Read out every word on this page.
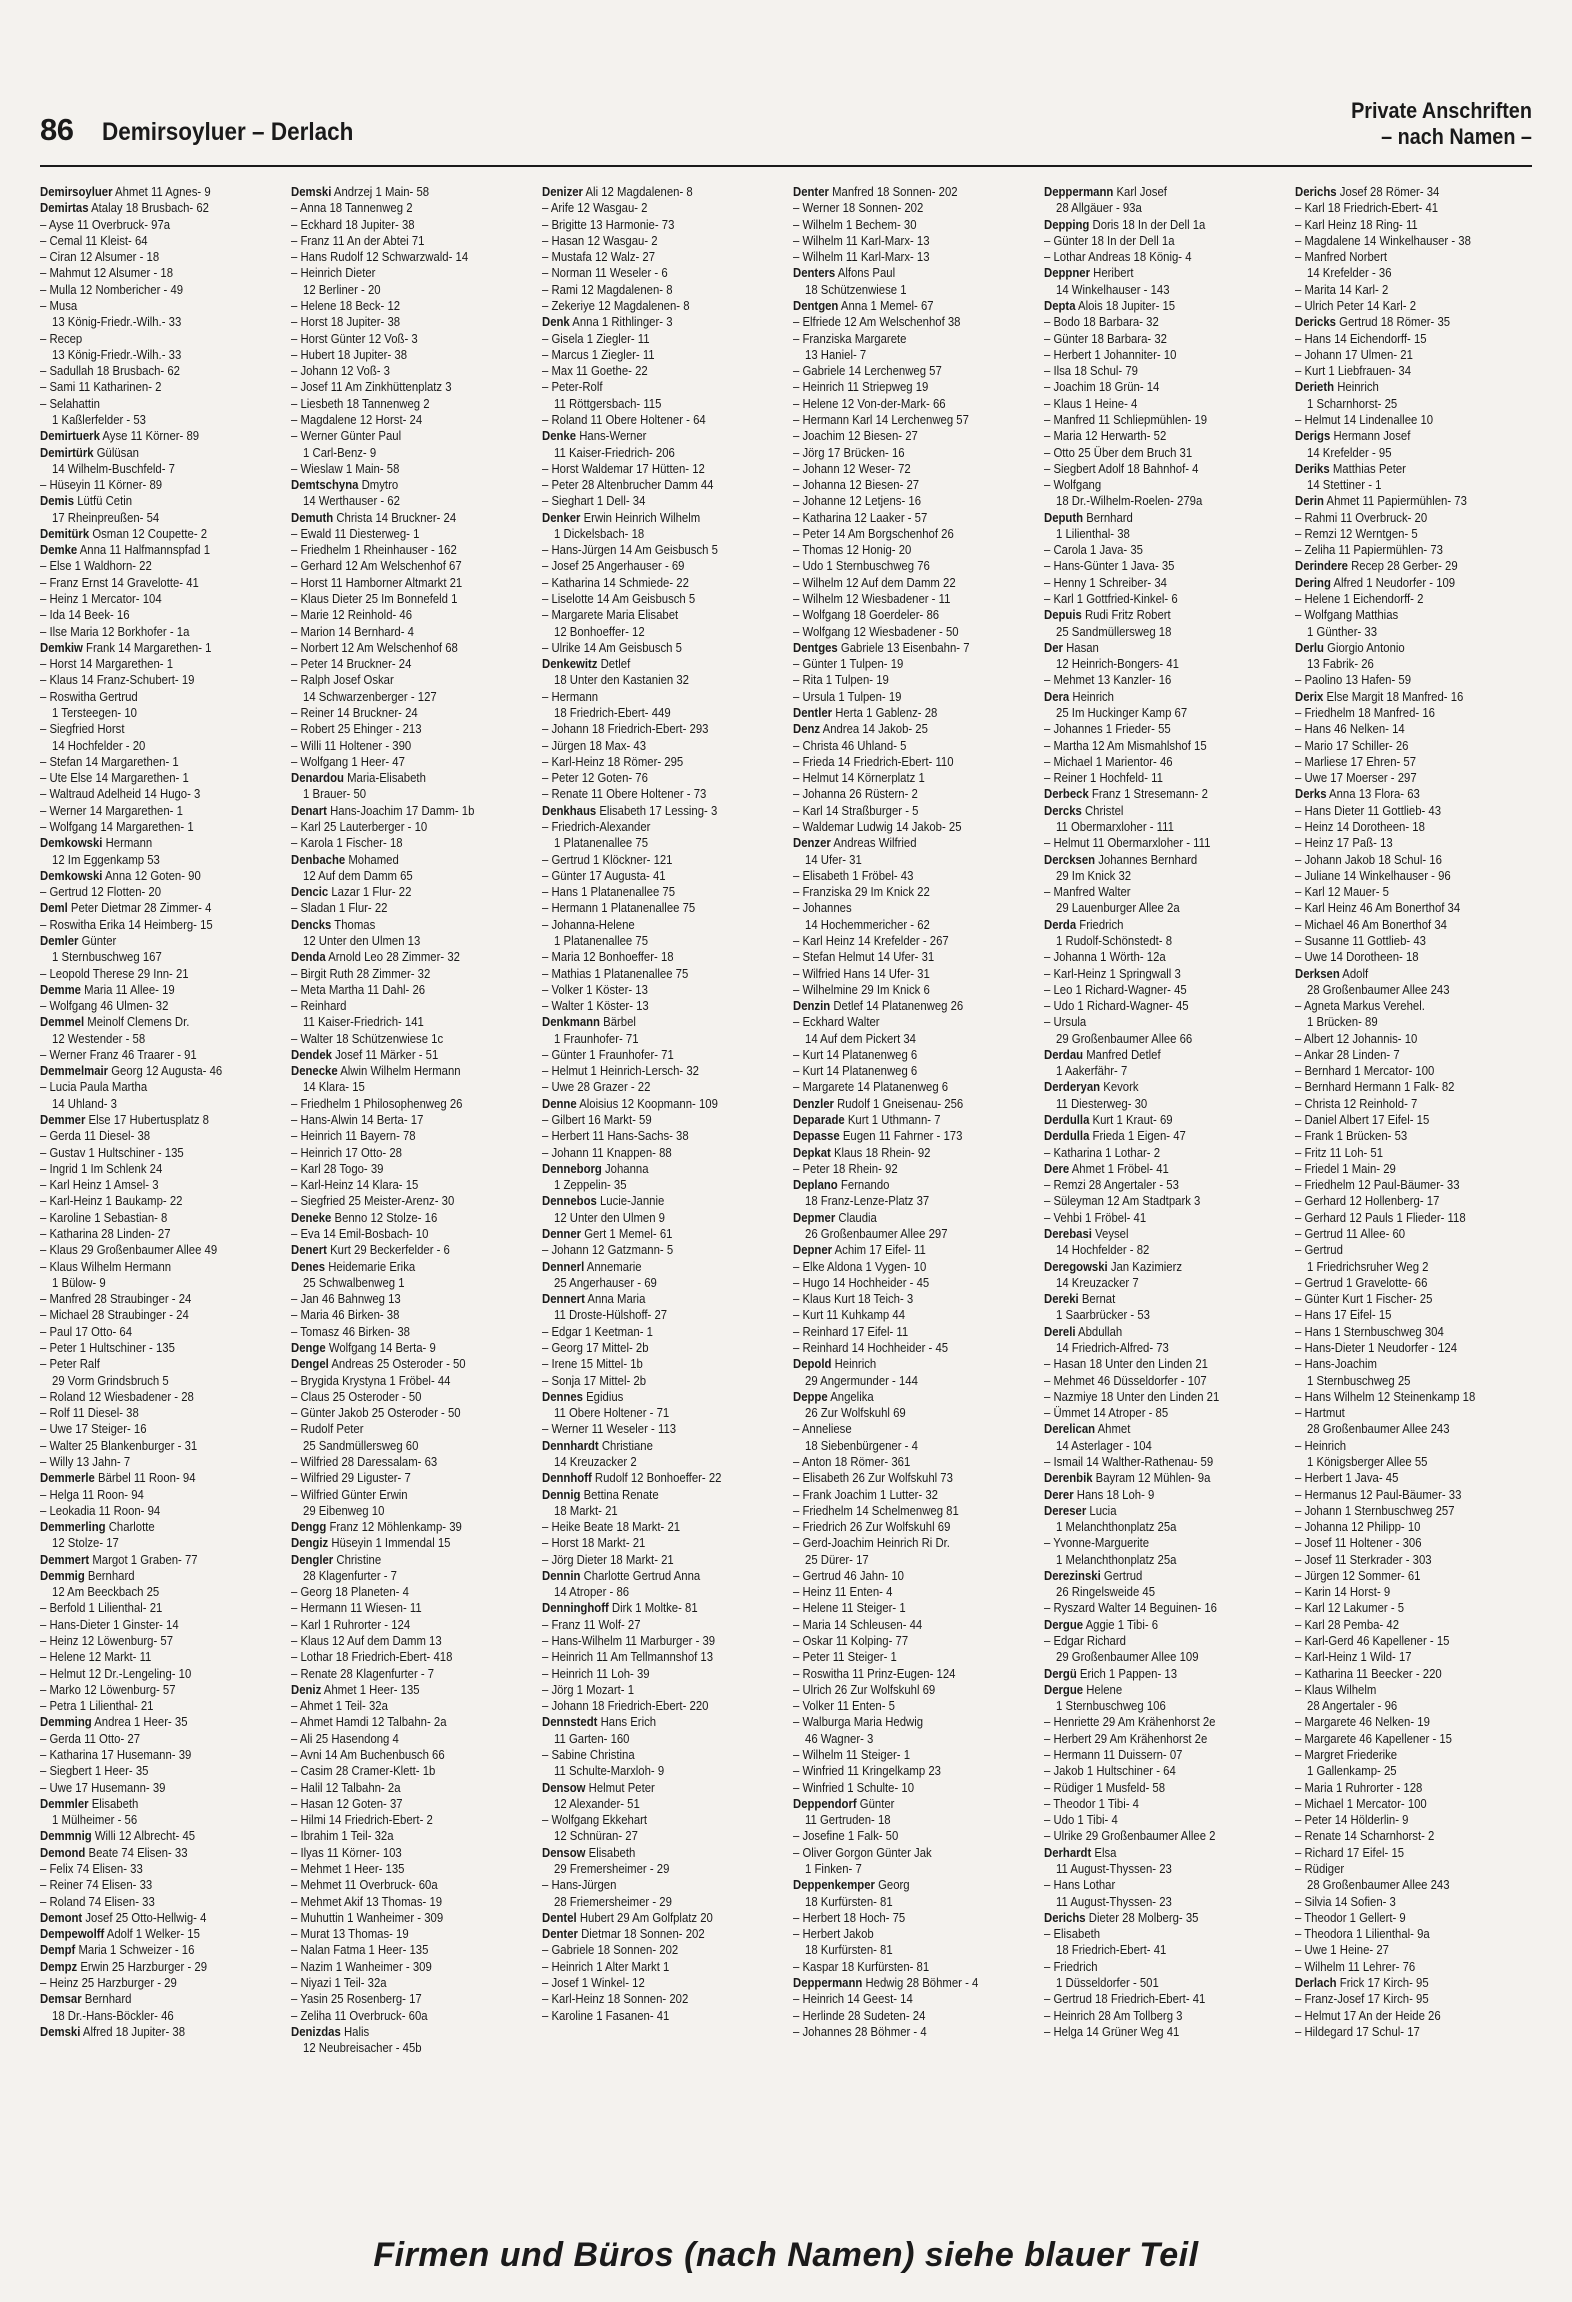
86 Demirsoyluer – Derlach
Private Anschriften
– nach Namen –
Demirsoyluer Ahmet 11 Agnes- 9
Demirtas Atalay 18 Brusbach- 62
– Ayse 11 Overbruck- 97a
– Cemal 11 Kleist- 64
– Ciran 12 Alsumer - 18
– Mahmut 12 Alsumer - 18
– Mulla 12 Nombericher - 49
– Musa
13 König-Friedr.-Wilh.- 33
– Recep
13 König-Friedr.-Wilh.- 33
– Sadullah 18 Brusbach- 62
– Sami 11 Katharinen- 2
– Selahattin
1 Kaßlerfelder - 53
Demirtuerk Ayse 11 Körner- 89
Demirtürk Gülüsan
14 Wilhelm-Buschfeld- 7
– Hüseyin 11 Körner- 89
Demis Lütfü Cetin
17 Rheinpreußen- 54
Demitürk Osman 12 Coupette- 2
Demke Anna 11 Halfmannspfad 1
– Else 1 Waldhorn- 22
– Franz Ernst 14 Gravelotte- 41
– Heinz 1 Mercator- 104
– Ida 14 Beek- 16
– Ilse Maria 12 Borkhofer - 1a
Demkiw Frank 14 Margarethen- 1
– Horst 14 Margarethen- 1
– Klaus 14 Franz-Schubert- 19
– Roswitha Gertrud
1 Tersteegen- 10
– Siegfried Horst
14 Hochfelder - 20
– Stefan 14 Margarethen- 1
– Ute Else 14 Margarethen- 1
– Waltraud Adelheid 14 Hugo- 3
– Werner 14 Margarethen- 1
– Wolfgang 14 Margarethen- 1
Demkowski Hermann
12 Im Eggenkamp 53
Demkowski Anna 12 Goten- 90
– Gertrud 12 Flotten- 20
Deml Peter Dietmar 28 Zimmer- 4
– Roswitha Erika 14 Heimberg- 15
Demler Günter
1 Sternbuschweg 167
– Leopold Therese 29 Inn- 21
Demme Maria 11 Allee- 19
– Wolfgang 46 Ulmen- 32
Demmel Meinolf Clemens Dr.
12 Westender - 58
– Werner Franz 46 Traarer - 91
Demmelmair Georg 12 Augusta- 46
– Lucia Paula Martha
14 Uhland- 3
Demmer Else 17 Hubertusplatz 8
– Gerda 11 Diesel- 38
– Gustav 1 Hultschiner - 135
– Ingrid 1 Im Schlenk 24
– Karl Heinz 1 Amsel- 3
– Karl-Heinz 1 Baukamp- 22
– Karoline 1 Sebastian- 8
– Katharina 28 Linden- 27
– Klaus 29 Großenbaumer Allee 49
– Klaus Wilhelm Hermann
1 Bülow- 9
– Manfred 28 Straubinger - 24
– Michael 28 Straubinger - 24
– Paul 17 Otto- 64
– Peter 1 Hultschiner - 135
– Peter Ralf
29 Vorm Grindsbruch 5
– Roland 12 Wiesbadener - 28
– Rolf 11 Diesel- 38
– Uwe 17 Steiger- 16
– Walter 25 Blankenburger - 31
– Willy 13 Jahn- 7
Demmerle Bärbel 11 Roon- 94
– Helga 11 Roon- 94
– Leokadia 11 Roon- 94
Demmerling Charlotte
12 Stolze- 17
Demmert Margot 1 Graben- 77
Demmig Bernhard
12 Am Beeckbach 25
– Berfold 1 Lilienthal- 21
– Hans-Dieter 1 Ginster- 14
– Heinz 12 Löwenburg- 57
– Helene 12 Markt- 11
– Helmut 12 Dr.-Lengeling- 10
– Marko 12 Löwenburg- 57
– Petra 1 Lilienthal- 21
Demming Andrea 1 Heer- 35
– Gerda 11 Otto- 27
– Katharina 17 Husemann- 39
– Siegbert 1 Heer- 35
– Uwe 17 Husemann- 39
Demmler Elisabeth
1 Mülheimer - 56
Demmnig Willi 12 Albrecht- 45
Demond Beate 74 Elisen- 33
– Felix 74 Elisen- 33
– Reiner 74 Elisen- 33
– Roland 74 Elisen- 33
Demont Josef 25 Otto-Hellwig- 4
Dempewolff Adolf 1 Welker- 15
Dempf Maria 1 Schweizer - 16
Dempz Erwin 25 Harzburger - 29
– Heinz 25 Harzburger - 29
Demsar Bernhard
18 Dr.-Hans-Böckler- 46
Demski Alfred 18 Jupiter- 38
Demski Andrzej 1 Main- 58
– Anna 18 Tannenweg 2
– Eckhard 18 Jupiter- 38
– Franz 11 An der Abtei 71
– Hans Rudolf 12 Schwarzwald- 14
– Heinrich Dieter
12 Berliner - 20
– Helene 18 Beck- 12
– Horst 18 Jupiter- 38
– Horst Günter 12 Voß- 3
– Hubert 18 Jupiter- 38
– Johann 12 Voß- 3
– Josef 11 Am Zinkhüttenplatz 3
– Liesbeth 18 Tannenweg 2
– Magdalene 12 Horst- 24
– Werner Günter Paul
1 Carl-Benz- 9
– Wieslaw 1 Main- 58
Demtschyna Dmytro
14 Werthauser - 62
Demuth Christa 14 Bruckner- 24
– Ewald 11 Diesterweg- 1
– Friedhelm 1 Rheinhauser - 162
– Gerhard 12 Am Welschenhof 67
– Horst 11 Hamborner Altmarkt 21
– Klaus Dieter 25 Im Bonnefeld 1
– Marie 12 Reinhold- 46
– Marion 14 Bernhard- 4
– Norbert 12 Am Welschenhof 68
– Peter 14 Bruckner- 24
– Ralph Josef Oskar
14 Schwarzenberger - 127
– Reiner 14 Bruckner- 24
– Robert 25 Ehinger - 213
– Willi 11 Holtener - 390
– Wolfgang 1 Heer- 47
Denardou Maria-Elisabeth
1 Brauer- 50
Denart Hans-Joachim 17 Damm- 1b
– Karl 25 Lauterberger - 10
– Karola 1 Fischer- 18
Denbache Mohamed
12 Auf dem Damm 65
Dencic Lazar 1 Flur- 22
– Sladan 1 Flur- 22
Dencks Thomas
12 Unter den Ulmen 13
Denda Arnold Leo 28 Zimmer- 32
– Birgit Ruth 28 Zimmer- 32
– Meta Martha 11 Dahl- 26
– Reinhard
11 Kaiser-Friedrich- 141
– Walter 18 Schützenwiese 1c
Dendek Josef 11 Märker - 51
Denecke Alwin Wilhelm Hermann
14 Klara- 15
– Friedhelm 1 Philosophenweg 26
– Hans-Alwin 14 Berta- 17
– Heinrich 11 Bayern- 78
– Heinrich 17 Otto- 28
– Karl 28 Togo- 39
– Karl-Heinz 14 Klara- 15
– Siegfried 25 Meister-Arenz- 30
Deneke Benno 12 Stolze- 16
– Eva 14 Emil-Bosbach- 10
Denert Kurt 29 Beckerfelder - 6
Denes Heidemarie Erika
25 Schwalbenweg 1
– Jan 46 Bahnweg 13
– Maria 46 Birken- 38
– Tomasz 46 Birken- 38
Denge Wolfgang 14 Berta- 9
Dengel Andreas 25 Osteroder - 50
– Brygida Krystyna 1 Fröbel- 44
– Claus 25 Osteroder - 50
– Günter Jakob 25 Osteroder - 50
– Rudolf Peter
25 Sandmüllersweg 60
– Wilfried 28 Daressalam- 63
– Wilfried 29 Liguster- 7
– Wilfried Günter Erwin
29 Eibenweg 10
Dengg Franz 12 Möhlenkamp- 39
Dengiz Hüseyin 1 Immendal 15
Dengler Christine
28 Klagenfurter - 7
– Georg 18 Planeten- 4
– Hermann 11 Wiesen- 11
– Karl 1 Ruhrorter - 124
– Klaus 12 Auf dem Damm 13
– Lothar 18 Friedrich-Ebert- 418
– Renate 28 Klagenfurter - 7
Deniz Ahmet 1 Heer- 135
– Ahmet 1 Teil- 32a
– Ahmet Hamdi 12 Talbahn- 2a
– Ali 25 Hasendong 4
– Avni 14 Am Buchenbusch 66
– Casim 28 Cramer-Klett- 1b
– Halil 12 Talbahn- 2a
– Hasan 12 Goten- 37
– Hilmi 14 Friedrich-Ebert- 2
– Ibrahim 1 Teil- 32a
– Ilyas 11 Körner- 103
– Mehmet 1 Heer- 135
– Mehmet 11 Overbruck- 60a
– Mehmet Akif 13 Thomas- 19
– Muhuttin 1 Wanheimer - 309
– Murat 13 Thomas- 19
– Nalan Fatma 1 Heer- 135
– Nazim 1 Wanheimer - 309
– Niyazi 1 Teil- 32a
– Yasin 25 Rosenberg- 17
– Zeliha 11 Overbruck- 60a
Denizdas Halis
12 Neubreisacher - 45b
Denizer Ali 12 Magdalenen- 8
– Arife 12 Wasgau- 2
– Brigitte 13 Harmonie- 73
– Hasan 12 Wasgau- 2
– Mustafa 12 Walz- 27
– Norman 11 Weseler - 6
– Rami 12 Magdalenen- 8
– Zekeriye 12 Magdalenen- 8
Denk Anna 1 Rithlinger- 3
– Gisela 1 Ziegler- 11
– Marcus 1 Ziegler- 11
– Max 11 Goethe- 22
– Peter-Rolf
11 Röttgersbach- 115
– Roland 11 Obere Holtener - 64
Denke Hans-Werner
11 Kaiser-Friedrich- 206
– Horst Waldemar 17 Hütten- 12
– Peter 28 Altenbrucher Damm 44
– Sieghart 1 Dell- 34
Denker Erwin Heinrich Wilhelm
1 Dickelsbach- 18
– Hans-Jürgen 14 Am Geisbusch 5
– Josef 25 Angerhauser - 69
– Katharina 14 Schmiede- 22
– Liselotte 14 Am Geisbusch 5
– Margarete Maria Elisabet
12 Bonhoeffer- 12
– Ulrike 14 Am Geisbusch 5
Denkewitz Detlef
18 Unter den Kastanien 32
– Hermann
18 Friedrich-Ebert- 449
– Johann 18 Friedrich-Ebert- 293
– Jürgen 18 Max- 43
– Karl-Heinz 18 Römer- 295
– Peter 12 Goten- 76
– Renate 11 Obere Holtener - 73
Denkhaus Elisabeth 17 Lessing- 3
– Friedrich-Alexander
1 Platanenallee 75
– Gertrud 1 Klöckner- 121
– Günter 17 Augusta- 41
– Hans 1 Platanenallee 75
– Hermann 1 Platanenallee 75
– Johanna-Helene
1 Platanenallee 75
– Maria 12 Bonhoeffer- 18
– Mathias 1 Platanenallee 75
– Volker 1 Köster- 13
– Walter 1 Köster- 13
Denkmann Bärbel
1 Fraunhofer- 71
– Günter 1 Fraunhofer- 71
– Helmut 1 Heinrich-Lersch- 32
– Uwe 28 Grazer - 22
Denne Aloisius 12 Koopmann- 109
– Gilbert 16 Markt- 59
– Herbert 11 Hans-Sachs- 38
– Johann 11 Knappen- 88
Denneborg Johanna
1 Zeppelin- 35
Dennebos Lucie-Jannie
12 Unter den Ulmen 9
Denner Gert 1 Memel- 61
– Johann 12 Gatzmann- 5
Dennerl Annemarie
25 Angerhauser - 69
Dennert Anna Maria
11 Droste-Hülshoff- 27
– Edgar 1 Keetman- 1
– Georg 17 Mittel- 2b
– Irene 15 Mittel- 1b
– Sonja 17 Mittel- 2b
Dennes Egidius
11 Obere Holtener - 71
– Werner 11 Weseler - 113
Dennhardt Christiane
14 Kreuzacker 2
Dennhoff Rudolf 12 Bonhoeffer- 22
Dennig Bettina Renate
18 Markt- 21
– Heike Beate 18 Markt- 21
– Horst 18 Markt- 21
– Jörg Dieter 18 Markt- 21
Dennin Charlotte Gertrud Anna
14 Atroper - 86
Denninghoff Dirk 1 Moltke- 81
– Franz 11 Wolf- 27
– Hans-Wilhelm 11 Marburger - 39
– Heinrich 11 Am Tellmannshof 13
– Heinrich 11 Loh- 39
– Jörg 1 Mozart- 1
– Johann 18 Friedrich-Ebert- 220
Dennstedt Hans Erich
11 Garten- 160
– Sabine Christina
11 Schulte-Marxloh- 9
Densow Helmut Peter
12 Alexander- 51
– Wolfgang Ekkehart
12 Schnüran- 27
Densow Elisabeth
29 Fremersheimer - 29
– Hans-Jürgen
28 Friemersheimer - 29
Dentel Hubert 29 Am Golfplatz 20
Denter Dietmar 18 Sonnen- 202
– Gabriele 18 Sonnen- 202
– Heinrich 1 Alter Markt 1
– Josef 1 Winkel- 12
– Karl-Heinz 18 Sonnen- 202
– Karoline 1 Fasanen- 41
Denter Manfred 18 Sonnen- 202
– Werner 18 Sonnen- 202
– Wilhelm 1 Bechem- 30
– Wilhelm 11 Karl-Marx- 13
– Wilhelm 11 Karl-Marx- 13
Denters Alfons Paul
18 Schützenwiese 1
Dentgen Anna 1 Memel- 67
– Elfriede 12 Am Welschenhof 38
– Franziska Margarete
13 Haniel- 7
– Gabriele 14 Lerchenweg 57
– Heinrich 11 Striepweg 19
– Helene 12 Von-der-Mark- 66
– Hermann Karl 14 Lerchenweg 57
– Joachim 12 Biesen- 27
– Jörg 17 Brücken- 16
– Johann 12 Weser- 72
– Johanna 12 Biesen- 27
– Johanne 12 Letjens- 16
– Katharina 12 Laaker - 57
– Peter 14 Am Borgschenhof 26
– Thomas 12 Honig- 20
– Udo 1 Sternbuschweg 76
– Wilhelm 12 Auf dem Damm 22
– Wilhelm 12 Wiesbadener - 11
– Wolfgang 18 Goerdeler- 86
– Wolfgang 12 Wiesbadener - 50
Dentges Gabriele 13 Eisenbahn- 7
– Günter 1 Tulpen- 19
– Rita 1 Tulpen- 19
– Ursula 1 Tulpen- 19
Dentler Herta 1 Gablenz- 28
Denz Andrea 14 Jakob- 25
– Christa 46 Uhland- 5
– Frieda 14 Friedrich-Ebert- 110
– Helmut 14 Körnerplatz 1
– Johanna 26 Rüstern- 2
– Karl 14 Straßburger - 5
– Waldemar Ludwig 14 Jakob- 25
Denzer Andreas Wilfried
14 Ufer- 31
– Elisabeth 1 Fröbel- 43
– Franziska 29 Im Knick 22
– Johannes
14 Hochemmericher - 62
– Karl Heinz 14 Krefelder - 267
– Stefan Helmut 14 Ufer- 31
– Wilfried Hans 14 Ufer- 31
– Wilhelmine 29 Im Knick 6
Denzin Detlef 14 Platanenweg 26
– Eckhard Walter
14 Auf dem Pickert 34
– Kurt 14 Platanenweg 6
– Kurt 14 Platanenweg 6
– Margarete 14 Platanenweg 6
Denzler Rudolf 1 Gneisenau- 256
Deparade Kurt 1 Uthmann- 7
Depasse Eugen 11 Fahrner - 173
Depkat Klaus 18 Rhein- 92
– Peter 18 Rhein- 92
Deplano Fernando
18 Franz-Lenze-Platz 37
Depmer Claudia
26 Großenbaumer Allee 297
Depner Achim 17 Eifel- 11
– Elke Aldona 1 Vygen- 10
– Hugo 14 Hochheider - 45
– Klaus Kurt 18 Teich- 3
– Kurt 11 Kuhkamp 44
– Reinhard 17 Eifel- 11
– Reinhard 14 Hochheider - 45
Depold Heinrich
29 Angermunder - 144
Deppe Angelika
26 Zur Wolfskuhl 69
– Anneliese
18 Siebenbürgener - 4
– Anton 18 Römer- 361
– Elisabeth 26 Zur Wolfskuhl 73
– Frank Joachim 1 Lutter- 32
– Friedhelm 14 Schelmenweg 81
– Friedrich 26 Zur Wolfskuhl 69
– Gerd-Joachim Heinrich Ri Dr.
25 Dürer- 17
– Gertrud 46 Jahn- 10
– Heinz 11 Enten- 4
– Helene 11 Steiger- 1
– Maria 14 Schleusen- 44
– Oskar 11 Kolping- 77
– Peter 11 Steiger- 1
– Roswitha 11 Prinz-Eugen- 124
– Ulrich 26 Zur Wolfskuhl 69
– Volker 11 Enten- 5
– Walburga Maria Hedwig
46 Wagner- 3
– Wilhelm 11 Steiger- 1
– Winfried 11 Kringelkamp 23
– Winfried 1 Schulte- 10
Deppendorf Günter
11 Gertruden- 18
– Josefine 1 Falk- 50
– Oliver Gorgon Günter Jak
1 Finken- 7
Deppenkemper Georg
18 Kurfürsten- 81
– Herbert 18 Hoch- 75
– Herbert Jakob
18 Kurfürsten- 81
– Kaspar 18 Kurfürsten- 81
Deppermann Hedwig 28 Böhmer - 4
– Heinrich 14 Geest- 14
– Herlinde 28 Sudeten- 24
– Johannes 28 Böhmer - 4
Deppermann Karl Josef
28 Allgäuer - 93a
Depping Doris 18 In der Dell 1a
– Günter 18 In der Dell 1a
– Lothar Andreas 18 König- 4
Deppner Heribert
14 Winkelhauser - 143
Depta Alois 18 Jupiter- 15
– Bodo 18 Barbara- 32
– Günter 18 Barbara- 32
– Herbert 1 Johanniter- 10
– Ilsa 18 Schul- 79
– Joachim 18 Grün- 14
– Klaus 1 Heine- 4
– Manfred 11 Schliepmühlen- 19
– Maria 12 Herwarth- 52
– Otto 25 Über dem Bruch 31
– Siegbert Adolf 18 Bahnhof- 4
– Wolfgang
18 Dr.-Wilhelm-Roelen- 279a
Deputh Bernhard
1 Lilienthal- 38
– Carola 1 Java- 35
– Hans-Günter 1 Java- 35
– Henny 1 Schreiber- 34
– Karl 1 Gottfried-Kinkel- 6
Depuis Rudi Fritz Robert
25 Sandmüllersweg 18
Der Hasan
12 Heinrich-Bongers- 41
– Mehmet 13 Kanzler- 16
Dera Heinrich
25 Im Huckinger Kamp 67
– Johannes 1 Frieder- 55
– Martha 12 Am Mismahlshof 15
– Michael 1 Marientor- 46
– Reiner 1 Hochfeld- 11
Derbeck Franz 1 Stresemann- 2
Dercks Christel
11 Obermarxloher - 111
– Helmut 11 Obermarxloher - 111
Dercksen Johannes Bernhard
29 Im Knick 32
– Manfred Walter
29 Lauenburger Allee 2a
Derda Friedrich
1 Rudolf-Schönstedt- 8
– Johanna 1 Wörth- 12a
– Karl-Heinz 1 Springwall 3
– Leo 1 Richard-Wagner- 45
– Udo 1 Richard-Wagner- 45
– Ursula
29 Großenbaumer Allee 66
Derdau Manfred Detlef
1 Aakerfähr- 7
Derderyan Kevork
11 Diesterweg- 30
Derdulla Kurt 1 Kraut- 69
Derdulla Frieda 1 Eigen- 47
– Katharina 1 Lothar- 2
Dere Ahmet 1 Fröbel- 41
– Remzi 28 Angertaler - 53
– Süleyman 12 Am Stadtpark 3
– Vehbi 1 Fröbel- 41
Derebasi Veysel
14 Hochfelder - 82
Deregowski Jan Kazimierz
14 Kreuzacker 7
Dereki Bernat
1 Saarbrücker - 53
Dereli Abdullah
14 Friedrich-Alfred- 73
– Hasan 18 Unter den Linden 21
– Mehmet 46 Düsseldorfer - 107
– Nazmiye 18 Unter den Linden 21
– Ümmet 14 Atroper - 85
Derelican Ahmet
14 Asterlager - 104
– Ismail 14 Walther-Rathenau- 59
Derenbik Bayram 12 Mühlen- 9a
Derer Hans 18 Loh- 9
Dereser Lucia
1 Melanchthonplatz 25a
– Yvonne-Marguerite
1 Melanchthonplatz 25a
Derezinski Gertrud
26 Ringelsweide 45
– Ryszard Walter 14 Beguinen- 16
Dergue Aggie 1 Tibi- 6
– Edgar Richard
29 Großenbaumer Allee 109
Dergü Erich 1 Pappen- 13
Dergue Helene
1 Sternbuschweg 106
– Henriette 29 Am Krähenhorst 2e
– Herbert 29 Am Krähenhorst 2e
– Hermann 11 Duissern- 07
– Jakob 1 Hultschiner - 64
– Rüdiger 1 Musfeld- 58
– Theodor 1 Tibi- 4
– Udo 1 Tibi- 4
– Ulrike 29 Großenbaumer Allee 2
Derhardt Elsa
11 August-Thyssen- 23
– Hans Lothar
11 August-Thyssen- 23
Derichs Dieter 28 Molberg- 35
– Elisabeth
18 Friedrich-Ebert- 41
– Friedrich
1 Düsseldorfer - 501
– Gertrud 18 Friedrich-Ebert- 41
– Heinrich 28 Am Tollberg 3
– Helga 14 Grüner Weg 41
Derichs Josef 28 Römer- 34
– Karl 18 Friedrich-Ebert- 41
– Karl Heinz 18 Ring- 11
– Magdalene 14 Winkelhauser - 38
– Manfred Norbert
14 Krefelder - 36
– Marita 14 Karl- 2
– Ulrich Peter 14 Karl- 2
Dericks Gertrud 18 Römer- 35
– Hans 14 Eichendorff- 15
– Johann 17 Ulmen- 21
– Kurt 1 Liebfrauen- 34
Derieth Heinrich
1 Scharnhorst- 25
– Helmut 14 Lindenallee 10
Derigs Hermann Josef
14 Krefelder - 95
Deriks Matthias Peter
14 Stettiner - 1
Derin Ahmet 11 Papiermühlen- 73
– Rahmi 11 Overbruck- 20
– Remzi 12 Werntgen- 5
– Zeliha 11 Papiermühlen- 73
Derindere Recep 28 Gerber- 29
Dering Alfred 1 Neudorfer - 109
– Helene 1 Eichendorff- 2
– Wolfgang Matthias
1 Günther- 33
Derlu Giorgio Antonio
13 Fabrik- 26
– Paolino 13 Hafen- 59
Derix Else Margit 18 Manfred- 16
– Friedhelm 18 Manfred- 16
– Hans 46 Nelken- 14
– Mario 17 Schiller- 26
– Marliese 17 Ehren- 57
– Uwe 17 Moerser - 297
Derks Anna 13 Flora- 63
– Hans Dieter 11 Gottlieb- 43
– Heinz 14 Dorotheen- 18
– Heinz 17 Paß- 13
– Johann Jakob 18 Schul- 16
– Juliane 14 Winkelhauser - 96
– Karl 12 Mauer- 5
– Karl Heinz 46 Am Bonerthof 34
– Michael 46 Am Bonerthof 34
– Susanne 11 Gottlieb- 43
– Uwe 14 Dorotheen- 18
Derksen Adolf
28 Großenbaumer Allee 243
– Agneta Markus Verehel.
1 Brücken- 89
– Albert 12 Johannis- 10
– Ankar 28 Linden- 7
– Bernhard 1 Mercator- 100
– Bernhard Hermann 1 Falk- 82
– Christa 12 Reinhold- 7
– Daniel Albert 17 Eifel- 15
– Frank 1 Brücken- 53
– Fritz 11 Loh- 51
– Friedel 1 Main- 29
– Friedhelm 12 Paul-Bäumer- 33
– Gerhard 12 Hollenberg- 17
– Gerhard 12 Pauls 1 Flieder- 118
– Gertrud 11 Allee- 60
– Gertrud
1 Friedrichsruher Weg 2
– Gertrud 1 Gravelotte- 66
– Günter Kurt 1 Fischer- 25
– Hans 17 Eifel- 15
– Hans 1 Sternbuschweg 304
– Hans-Dieter 1 Neudorfer - 124
– Hans-Joachim
1 Sternbuschweg 25
– Hans Wilhelm 12 Steinenkamp 18
– Hartmut
28 Großenbaumer Allee 243
– Heinrich
1 Königsberger Allee 55
– Herbert 1 Java- 45
– Hermanus 12 Paul-Bäumer- 33
– Johann 1 Sternbuschweg 257
– Johanna 12 Philipp- 10
– Josef 11 Holtener - 306
– Josef 11 Sterkrader - 303
– Jürgen 12 Sommer- 61
– Karin 14 Horst- 9
– Karl 12 Lakumer - 5
– Karl 28 Pemba- 42
– Karl-Gerd 46 Kapellener - 15
– Karl-Heinz 1 Wild- 17
– Katharina 11 Beecker - 220
– Klaus Wilhelm
28 Angertaler - 96
– Margarete 46 Nelken- 19
– Margarete 46 Kapellener - 15
– Margret Friederike
1 Gallenkamp- 25
– Maria 1 Ruhrorter - 128
– Michael 1 Mercator- 100
– Peter 14 Hölderlin- 9
– Renate 14 Scharnhorst- 2
– Richard 17 Eifel- 15
– Rüdiger
28 Großenbaumer Allee 243
– Silvia 14 Sofien- 3
– Theodor 1 Gellert- 9
– Theodora 1 Lilienthal- 9a
– Uwe 1 Heine- 27
– Wilhelm 11 Lehrer- 76
Derlach Frick 17 Kirch- 95
– Franz-Josef 17 Kirch- 95
– Helmut 17 An der Heide 26
– Hildegard 17 Schul- 17
Firmen und Büros (nach Namen) siehe blauer Teil
